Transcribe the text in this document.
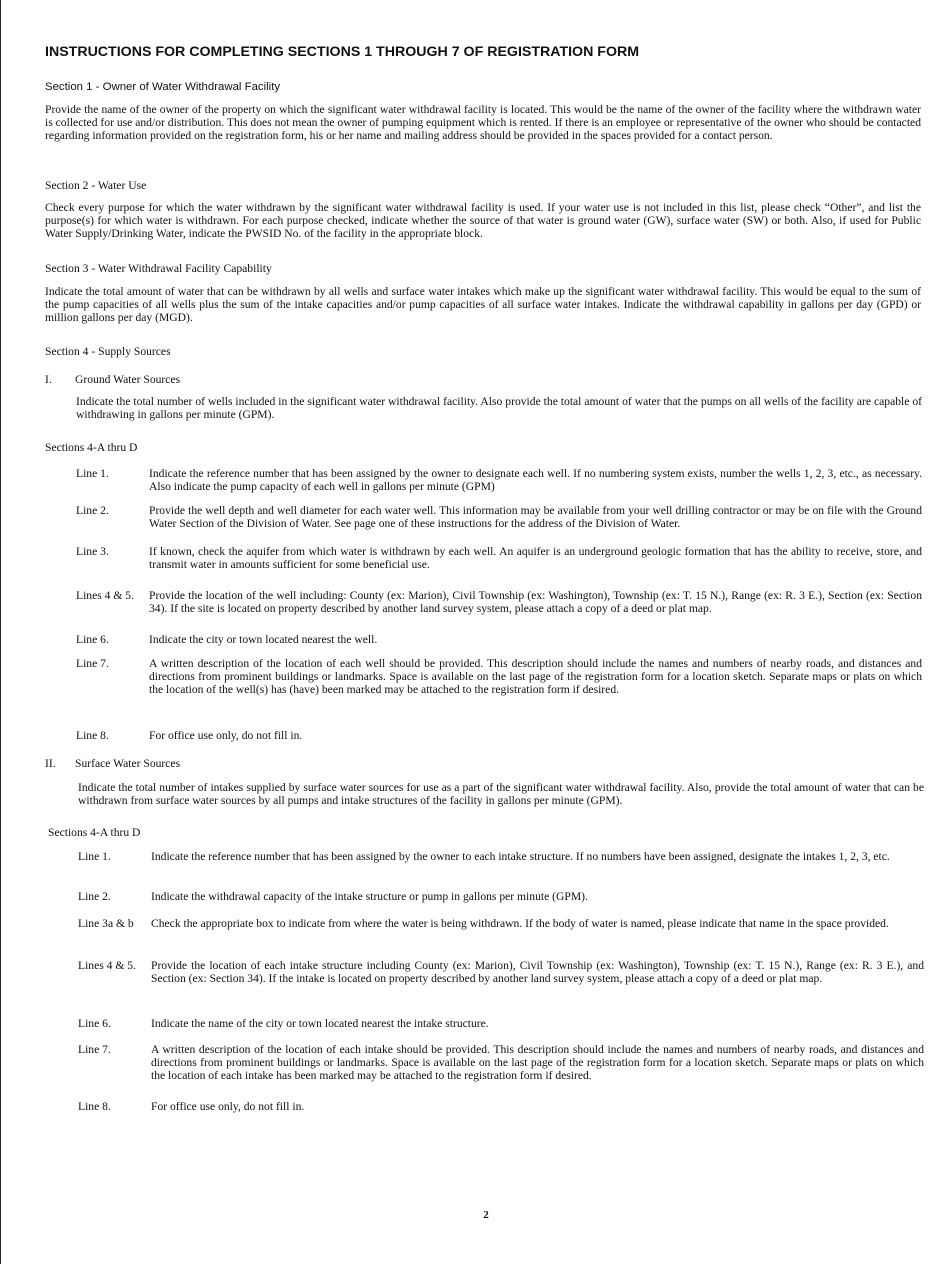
INSTRUCTIONS FOR COMPLETING SECTIONS 1 THROUGH 7 OF REGISTRATION FORM
Section 1 - Owner of Water Withdrawal Facility
Provide the name of the owner of the property on which the significant water withdrawal facility is located. This would be the name of the owner of the facility where the withdrawn water is collected for use and/or distribution. This does not mean the owner of pumping equipment which is rented. If there is an employee or representative of the owner who should be contacted regarding information provided on the registration form, his or her name and mailing address should be provided in the spaces provided for a contact person.
Section 2 - Water Use
Check every purpose for which the water withdrawn by the significant water withdrawal facility is used. If your water use is not included in this list, please check “Other”, and list the purpose(s) for which water is withdrawn. For each purpose checked, indicate whether the source of that water is ground water (GW), surface water (SW) or both. Also, if used for Public Water Supply/Drinking Water, indicate the PWSID No. of the facility in the appropriate block.
Section 3 - Water Withdrawal Facility Capability
Indicate the total amount of water that can be withdrawn by all wells and surface water intakes which make up the significant water withdrawal facility. This would be equal to the sum of the pump capacities of all wells plus the sum of the intake capacities and/or pump capacities of all surface water intakes. Indicate the withdrawal capability in gallons per day (GPD) or million gallons per day (MGD).
Section 4 - Supply Sources
I.	Ground Water Sources
Indicate the total number of wells included in the significant water withdrawal facility. Also provide the total amount of water that the pumps on all wells of the facility are capable of withdrawing in gallons per minute (GPM).
Sections 4-A thru D
Line 1.	Indicate the reference number that has been assigned by the owner to designate each well. If no numbering system exists, number the wells 1, 2, 3, etc., as necessary. Also indicate the pump capacity of each well in gallons per minute (GPM)
Line 2.	Provide the well depth and well diameter for each water well. This information may be available from your well drilling contractor or may be on file with the Ground Water Section of the Division of Water. See page one of these instructions for the address of the Division of Water.
Line 3.	If known, check the aquifer from which water is withdrawn by each well. An aquifer is an underground geologic formation that has the ability to receive, store, and transmit water in amounts sufficient for some beneficial use.
Lines 4 & 5.	Provide the location of the well including: County (ex: Marion), Civil Township (ex: Washington), Township (ex: T. 15 N.), Range (ex: R. 3 E.), Section (ex: Section 34). If the site is located on property described by another land survey system, please attach a copy of a deed or plat map.
Line 6.	Indicate the city or town located nearest the well.
Line 7.	A written description of the location of each well should be provided. This description should include the names and numbers of nearby roads, and distances and directions from prominent buildings or landmarks. Space is available on the last page of the registration form for a location sketch. Separate maps or plats on which the location of the well(s) has (have) been marked may be attached to the registration form if desired.
Line 8.	For office use only, do not fill in.
II.	Surface Water Sources
Indicate the total number of intakes supplied by surface water sources for use as a part of the significant water withdrawal facility. Also, provide the total amount of water that can be withdrawn from surface water sources by all pumps and intake structures of the facility in gallons per minute (GPM).
Sections 4-A thru D
Line 1.	Indicate the reference number that has been assigned by the owner to each intake structure. If no numbers have been assigned, designate the intakes 1, 2, 3, etc.
Line 2.	Indicate the withdrawal capacity of the intake structure or pump in gallons per minute (GPM).
Line 3a & b	Check the appropriate box to indicate from where the water is being withdrawn. If the body of water is named, please indicate that name in the space provided.
Lines 4 & 5.	Provide the location of each intake structure including County (ex: Marion), Civil Township (ex: Washington), Township (ex: T. 15 N.), Range (ex: R. 3 E.), and Section (ex: Section 34). If the intake is located on property described by another land survey system, please attach a copy of a deed or plat map.
Line 6.	Indicate the name of the city or town located nearest the intake structure.
Line 7.	A written description of the location of each intake should be provided. This description should include the names and numbers of nearby roads, and distances and directions from prominent buildings or landmarks. Space is available on the last page of the registration form for a location sketch. Separate maps or plats on which the location of each intake has been marked may be attached to the registration form if desired.
Line 8.	For office use only, do not fill in.
2
